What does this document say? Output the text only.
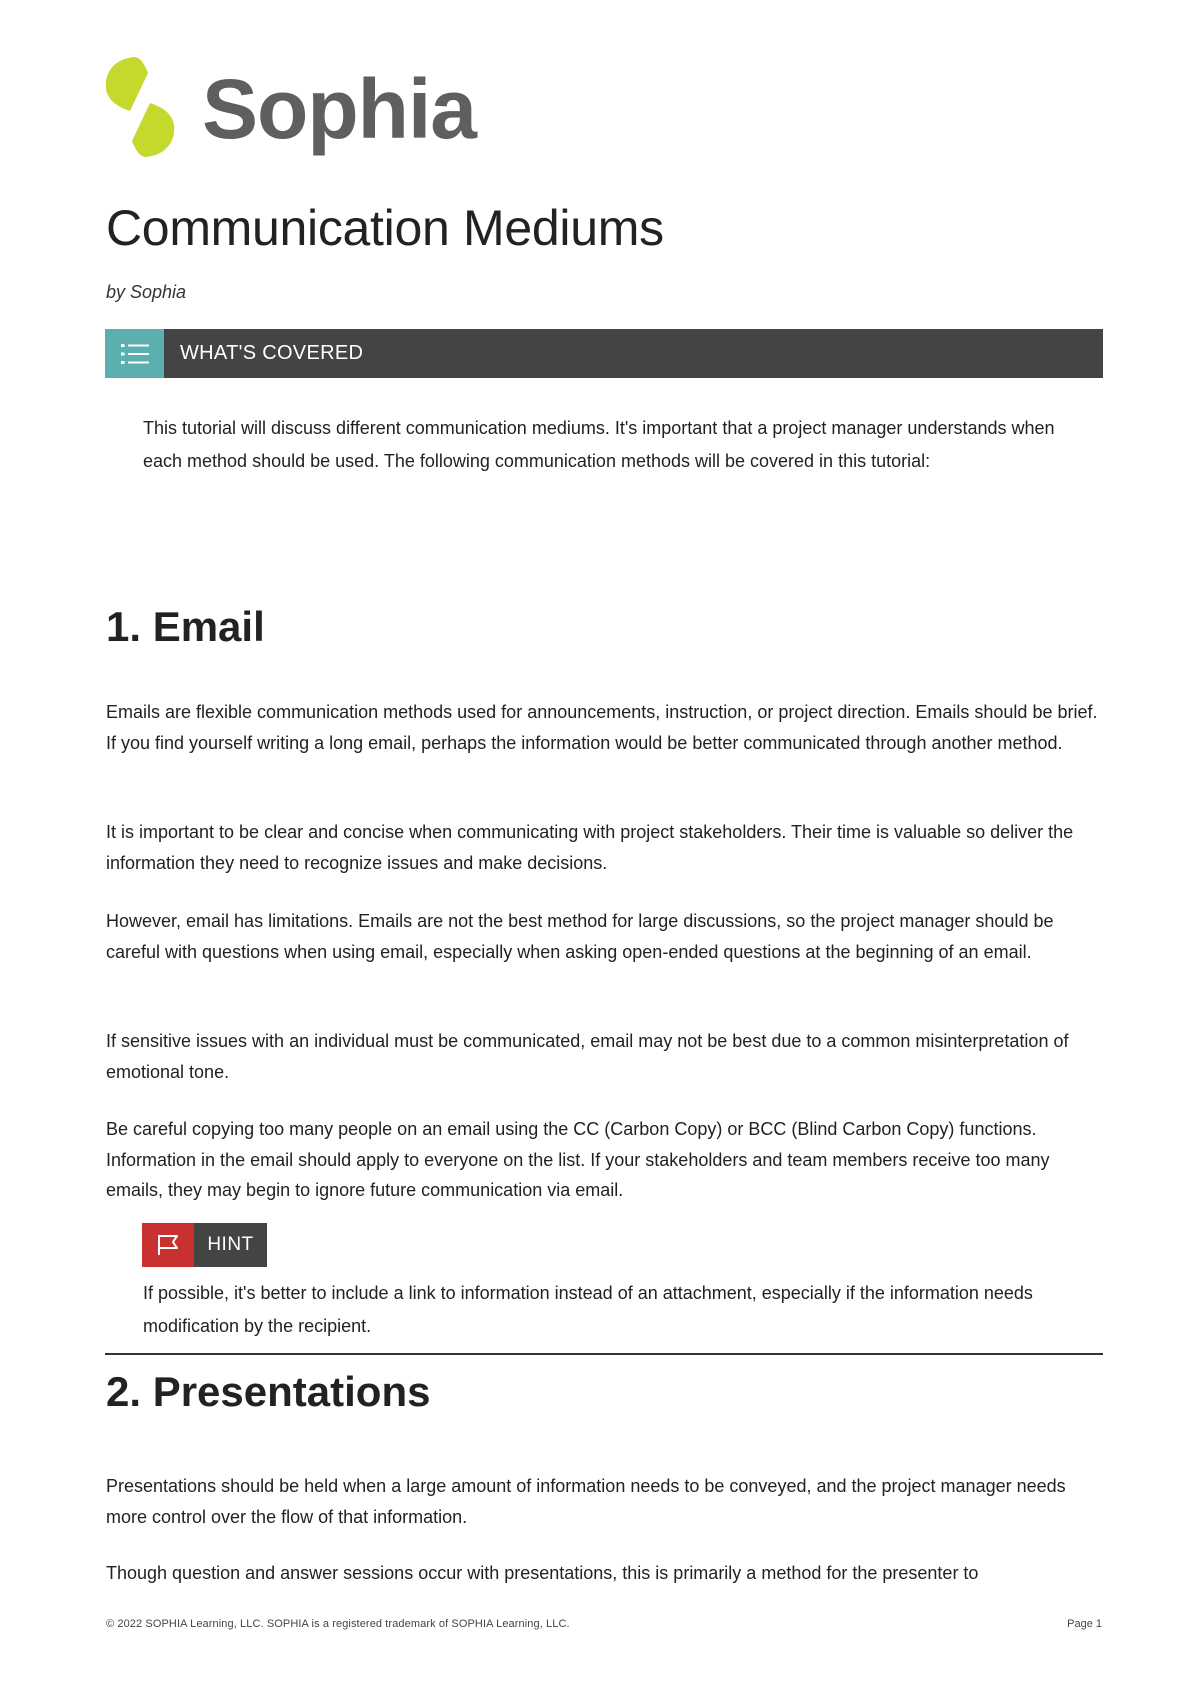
Sophia
Communication Mediums
by Sophia
WHAT'S COVERED

This tutorial will discuss different communication mediums. It's important that a project manager understands when each method should be used. The following communication methods will be covered in this tutorial:

1. Email

Emails are flexible communication methods used for announcements, instruction, or project direction. Emails should be brief. If you find yourself writing a long email, perhaps the information would be better communicated through another method.

It is important to be clear and concise when communicating with project stakeholders. Their time is valuable so deliver the information they need to recognize issues and make decisions.

However, email has limitations. Emails are not the best method for large discussions, so the project manager should be careful with questions when using email, especially when asking open-ended questions at the beginning of an email.

If sensitive issues with an individual must be communicated, email may not be best due to a common misinterpretation of emotional tone.

Be careful copying too many people on an email using the CC (Carbon Copy) or BCC (Blind Carbon Copy) functions. Information in the email should apply to everyone on the list. If your stakeholders and team members receive too many emails, they may begin to ignore future communication via email.

HINT

If possible, it's better to include a link to information instead of an attachment, especially if the information needs modification by the recipient.

2. Presentations

Presentations should be held when a large amount of information needs to be conveyed, and the project manager needs more control over the flow of that information.

Though question and answer sessions occur with presentations, this is primarily a method for the presenter to

© 2022 SOPHIA Learning, LLC. SOPHIA is a registered trademark of SOPHIA Learning, LLC.	Page 1
